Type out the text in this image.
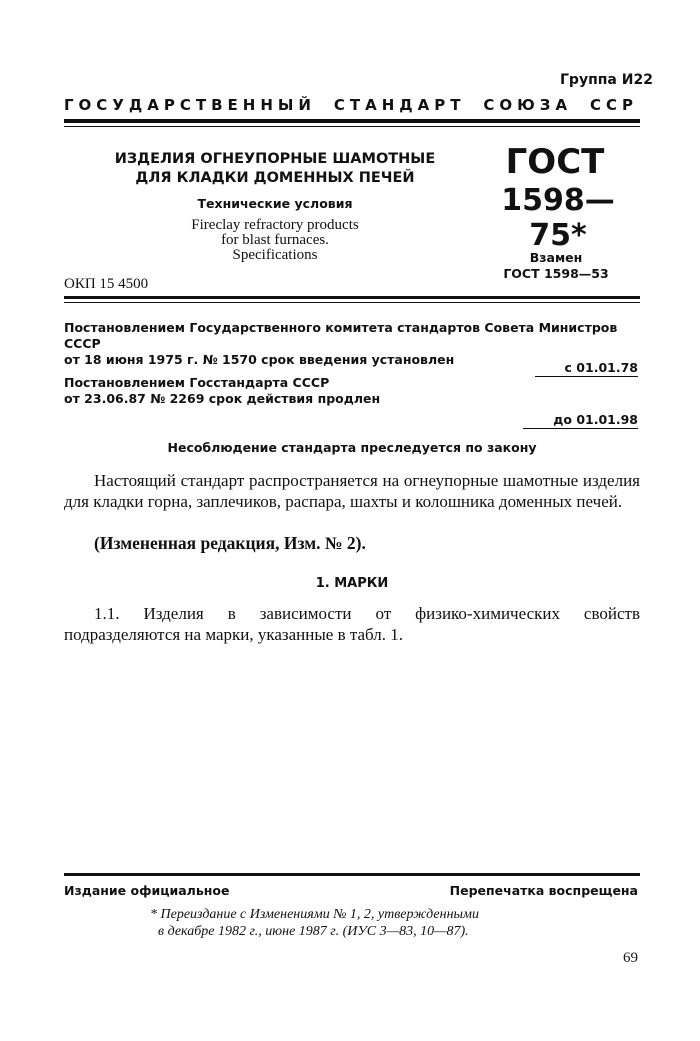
Группа И22
ГОСУДАРСТВЕННЫЙ СТАНДАРТ СОЮЗА ССР
ИЗДЕЛИЯ ОГНЕУПОРНЫЕ ШАМОТНЫЕ
ДЛЯ КЛАДКИ ДОМЕННЫХ ПЕЧЕЙ
Технические условия
Fireclay refractory products
for blast furnaces.
Specifications
ОКП 15 4500
ГОСТ
1598—75*
Взамен
ГОСТ 1598—53
Постановлением Государственного комитета стандартов Совета Министров СССР
от 18 июня 1975 г. № 1570 срок введения установлен
с 01.01.78
Постановлением Госстандарта СССР
от 23.06.87 № 2269 срок действия продлен
до 01.01.98
Несоблюдение стандарта преследуется по закону
Настоящий стандарт распространяется на огнеупорные шамотные изделия для кладки горна, заплечиков, распара, шахты и колошника доменных печей.
(Измененная редакция, Изм. № 2).
1. МАРКИ
1.1. Изделия в зависимости от физико-химических свойств подразделяются на марки, указанные в табл. 1.
Издание официальное	Перепечатка воспрещена
* Переиздание с Изменениями № 1, 2, утвержденными
в декабре 1982 г., июне 1987 г. (ИУС 3—83, 10—87).
69
